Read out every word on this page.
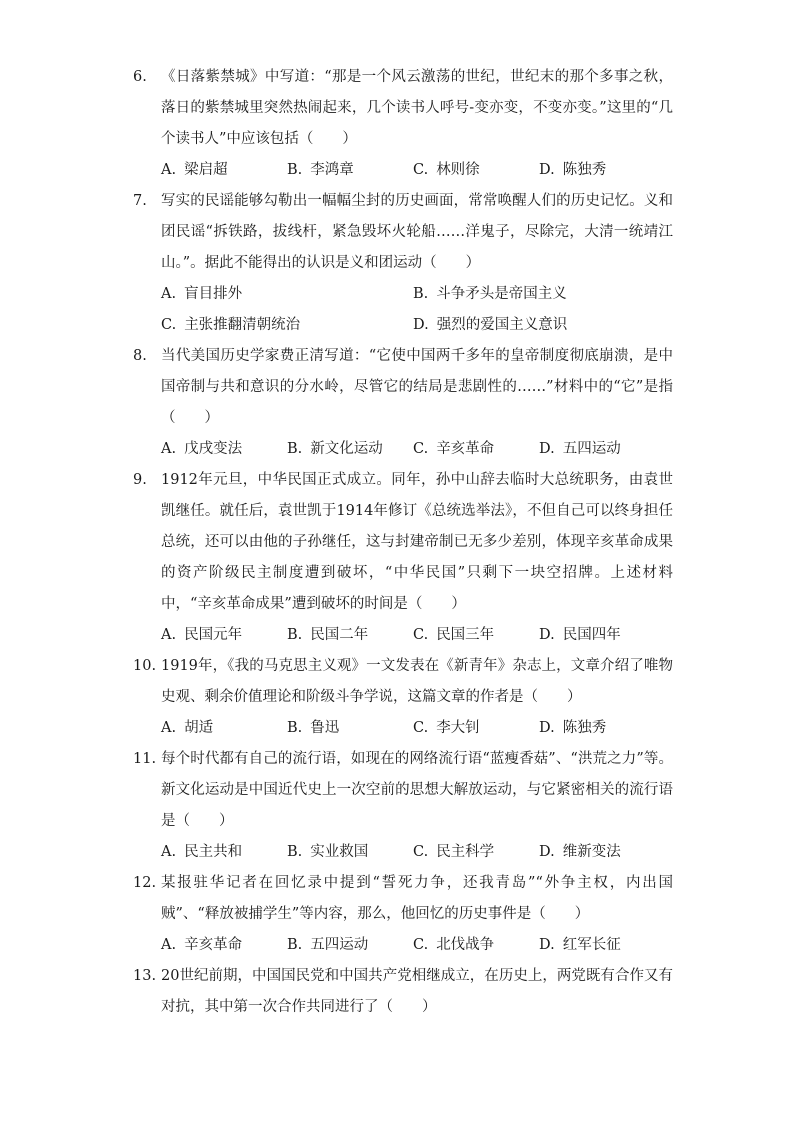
6. 《日落紫禁城》中写道：“那是一个风云激荡的世纪，世纪末的那个多事之秋，落日的紫禁城里突然热闹起来，几个读书人呼号-变亦变，不变亦变。”这里的“几个读书人”中应该包括（　　）
A. 梁启超	B. 李鸿章	C. 林则徐	D. 陈独秀
7. 写实的民谣能够勾勒出一幅幅尘封的历史画面，常常唤醒人们的历史记忆。义和团民谣“拆铁路，拔线杆，紧急毁坏火轮船……洋鬼子，尽除完，大清一统靖江山。”。据此不能得出的认识是义和团运动（　　）
A. 盲目排外	B. 斗争矛头是帝国主义
C. 主张推翻清朝统治	D. 强烈的爱国主义意识
8. 当代美国历史学家费正清写道：“它使中国两千多年的皇帝制度彻底崩溃，是中国帝制与共和意识的分水岭，尽管它的结局是悲剧性的……”材料中的“它”是指（　　）
A. 戊戌变法	B. 新文化运动	C. 辛亥革命	D. 五四运动
9. 1912年元旦，中华民国正式成立。同年，孙中山辞去临时大总统职务，由袁世凯继任。就任后，袁世凯于1914年修订《总统选举法》，不但自己可以终身担任总统，还可以由他的子孙继任，这与封建帝制已无多少差别，体现辛亥革命成果的资产阶级民主制度遭到破坏，“中华民国”只剩下一块空招牌。上述材料中，“辛亥革命成果”遭到破坏的时间是（　　）
A. 民国元年	B. 民国二年	C. 民国三年	D. 民国四年
10. 1919年，《我的马克思主义观》一文发表在《新青年》杂志上，文章介绍了唯物史观、剩余价值理论和阶级斗争学说，这篇文章的作者是（　　）
A. 胡适	B. 鲁迅	C. 李大钊	D. 陈独秀
11. 每个时代都有自己的流行语，如现在的网络流行语“蓝瘦香菇”、“洪荒之力”等。新文化运动是中国近代史上一次空前的思想大解放运动，与它紧密相关的流行语是（　　）
A. 民主共和	B. 实业救国	C. 民主科学	D. 维新变法
12. 某报驻华记者在回忆录中提到“誓死力争，还我青岛”“外争主权，内出国贼”、“释放被捕学生”等内容，那么，他回忆的历史事件是（　　）
A. 辛亥革命	B. 五四运动	C. 北伐战争	D. 红军长征
13. 20世纪前期，中国国民党和中国共产党相继成立，在历史上，两党既有合作又有对抗，其中第一次合作共同进行了（　　）
